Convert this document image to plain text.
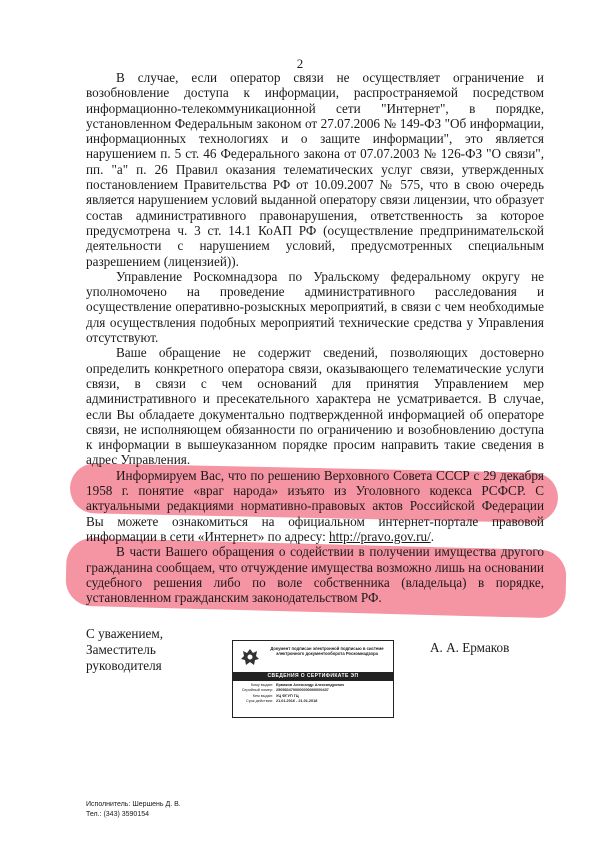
2

В случае, если оператор связи не осуществляет ограничение и возобновление доступа к информации, распространяемой посредством информационно-телекоммуникационной сети "Интернет", в порядке, установленном Федеральным законом от 27.07.2006 № 149-ФЗ "Об информации, информационных технологиях и о защите информации", это является нарушением п. 5 ст. 46 Федерального закона от 07.07.2003 № 126-ФЗ "О связи", пп. "а" п. 26 Правил оказания телематических услуг связи, утвержденных постановлением Правительства РФ от 10.09.2007 № 575, что в свою очередь является нарушением условий выданной оператору связи лицензии, что образует состав административного правонарушения, ответственность за которое предусмотрена ч. 3 ст. 14.1 КоАП РФ (осуществление предпринимательской деятельности с нарушением условий, предусмотренных специальным разрешением (лицензией)).

Управление Роскомнадзора по Уральскому федеральному округу не уполномочено на проведение административного расследования и осуществление оперативно-розыскных мероприятий, в связи с чем необходимые для осуществления подобных мероприятий технические средства у Управления отсутствуют.

Ваше обращение не содержит сведений, позволяющих достоверно определить конкретного оператора связи, оказывающего телематические услуги связи, в связи с чем оснований для принятия Управлением мер административного и пресекательного характера не усматривается. В случае, если Вы обладаете документально подтвержденной информацией об операторе связи, не исполняющем обязанности по ограничению и возобновлению доступа к информации в вышеуказанном порядке просим направить такие сведения в адрес Управления.

Информируем Вас, что по решению Верховного Совета СССР с 29 декабря 1958 г. понятие «враг народа» изъято из Уголовного кодекса РСФСР. С актуальными редакциями нормативно-правовых актов Российской Федерации Вы можете ознакомиться на официальном интернет-портале правовой информации в сети «Интернет» по адресу: http://pravo.gov.ru/.

В части Вашего обращения о содействии в получении имущества другого гражданина сообщаем, что отчуждение имущества возможно лишь на основании судебного решения либо по воле собственника (владельца) в порядке, установленном гражданским законодательством РФ.

С уважением,
Заместитель
руководителя
Документ подписан электронной подписью в системе электронного документооборота Роскомнадзора
СВЕДЕНИЯ О СЕРТИФИКАТЕ ЭП
Кому выдан: Ермаков Александр Александрович
Серийный номер: 2505604700000000000000437
Кем выдан: УЦ ФГУП ГЦ
Срок действия: 21.01.2016 - 21.01.2018
А. А. Ермаков
Исполнитель: Шершень Д. В.
Тел.: (343) 3590154
